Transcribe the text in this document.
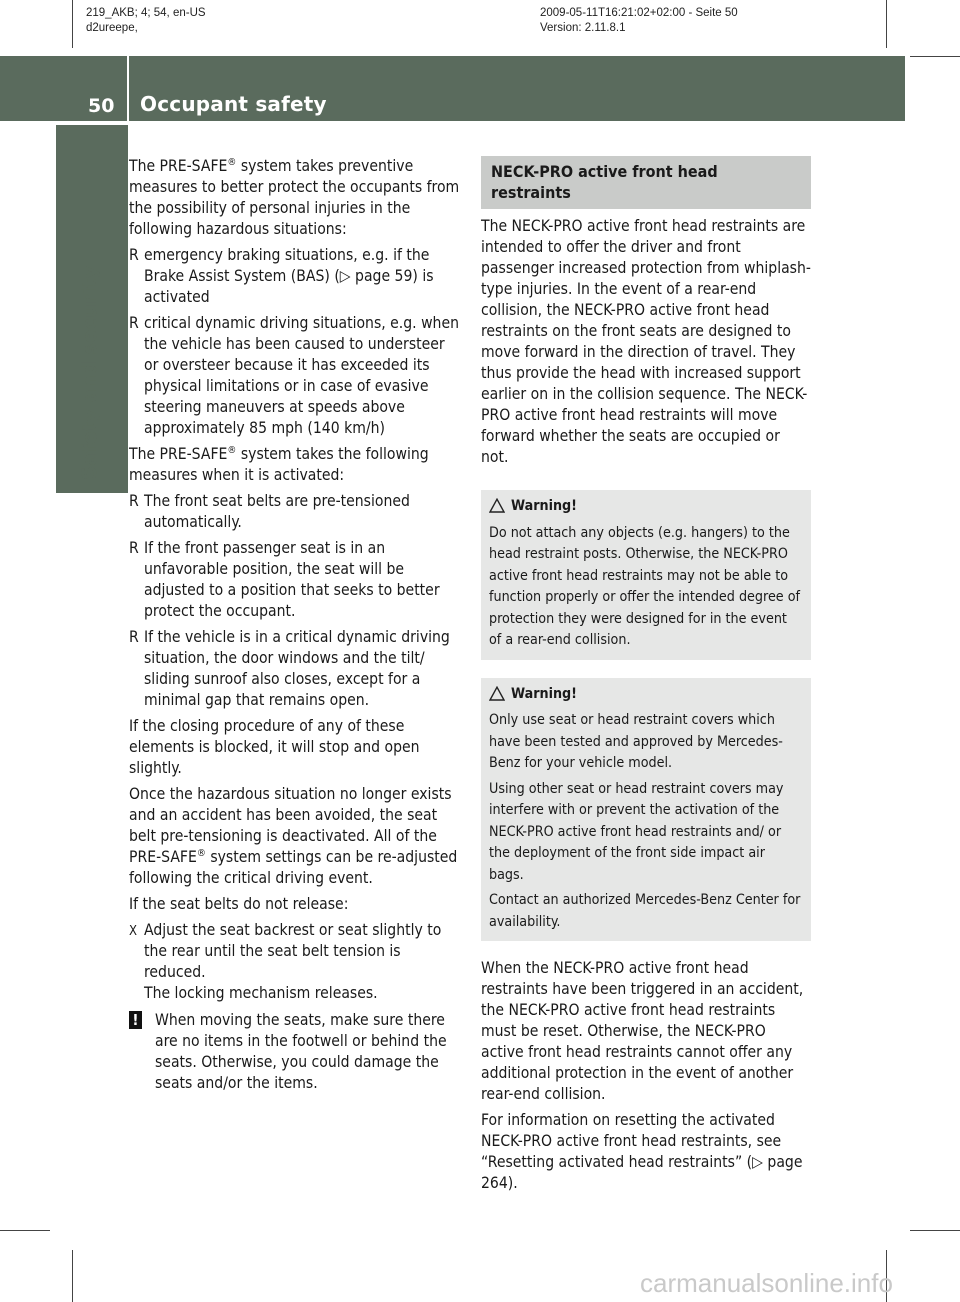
219_AKB; 4; 54, en-US
d2ureepe,
2009-05-11T16:21:02+02:00 - Seite 50
Version: 2.11.8.1
50 Occupant safety
Safety and security

The PRE-SAFE® system takes preventive measures to better protect the occupants from the possibility of personal injuries in the following hazardous situations:

R emergency braking situations, e.g. if the Brake Assist System (BAS) (▷ page 59) is activated
R critical dynamic driving situations, e.g. when the vehicle has been caused to understeer or oversteer because it has exceeded its physical limitations or in case of evasive steering maneuvers at speeds above approximately 85 mph (140 km/h)

The PRE-SAFE® system takes the following measures when it is activated:

R The front seat belts are pre-tensioned automatically.
R If the front passenger seat is in an unfavorable position, the seat will be adjusted to a position that seeks to better protect the occupant.
R If the vehicle is in a critical dynamic driving situation, the door windows and the tilt/ sliding sunroof also closes, except for a minimal gap that remains open.

If the closing procedure of any of these elements is blocked, it will stop and open slightly.

Once the hazardous situation no longer exists and an accident has been avoided, the seat belt pre-tensioning is deactivated. All of the PRE-SAFE® system settings can be re-adjusted following the critical driving event.

If the seat belts do not release:

X Adjust the seat backrest or seat slightly to the rear until the seat belt tension is reduced.
The locking mechanism releases.
! When moving the seats, make sure there are no items in the footwell or behind the seats. Otherwise, you could damage the seats and/or the items.
NECK-PRO active front head restraints

The NECK-PRO active front head restraints are intended to offer the driver and front passenger increased protection from whiplash-type injuries. In the event of a rear-end collision, the NECK-PRO active front head restraints on the front seats are designed to move forward in the direction of travel. They thus provide the head with increased support earlier on in the collision sequence. The NECK-PRO active front head restraints will move forward whether the seats are occupied or not.

Warning!

Do not attach any objects (e.g. hangers) to the head restraint posts. Otherwise, the NECK-PRO active front head restraints may not be able to function properly or offer the intended degree of protection they were designed for in the event of a rear-end collision.

Warning!

Only use seat or head restraint covers which have been tested and approved by Mercedes-Benz for your vehicle model.

Using other seat or head restraint covers may interfere with or prevent the activation of the NECK-PRO active front head restraints and/ or the deployment of the front side impact air bags.

Contact an authorized Mercedes-Benz Center for availability.

When the NECK-PRO active front head restraints have been triggered in an accident, the NECK-PRO active front head restraints must be reset. Otherwise, the NECK-PRO active front head restraints cannot offer any additional protection in the event of another rear-end collision.

For information on resetting the activated NECK-PRO active front head restraints, see “Resetting activated head restraints” (▷ page 264).

carmanualsonline.info
